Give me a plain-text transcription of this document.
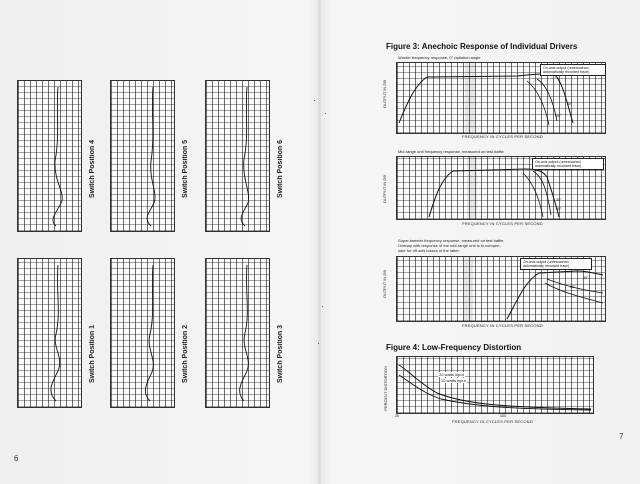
Switch Position 4	Switch Position 5	Switch Position 6
Switch Position 1	Switch Position 2	Switch Position 3
6
Figure 3: Anechoic Response of Individual Drivers
Woofer frequency response, 0° radiation angle
OUTPUT IN DB
On-axis output (unretouched, automatically recorded trace)
30°
60°
FREQUENCY IN CYCLES PER SECOND
Mid-range unit frequency response, measured on test baffle
OUTPUT IN DB
On-axis output (unretouched, automatically recorded trace)
30°
60°
FREQUENCY IN CYCLES PER SECOND
Super-tweeter frequency response, measured on test baffle.
Overlap with response of the mid-range unit is to compen-
sate for off-axis losses of the latter.
OUTPUT IN DB
On-axis output (unretouched, automatically recorded trace)
30°
60°
FREQUENCY IN CYCLES PER SECOND
Figure 4: Low-Frequency Distortion
PERCENT DISTORTION	20 watts input
10 watts input
20	100
FREQUENCY IN CYCLES PER SECOND
7
